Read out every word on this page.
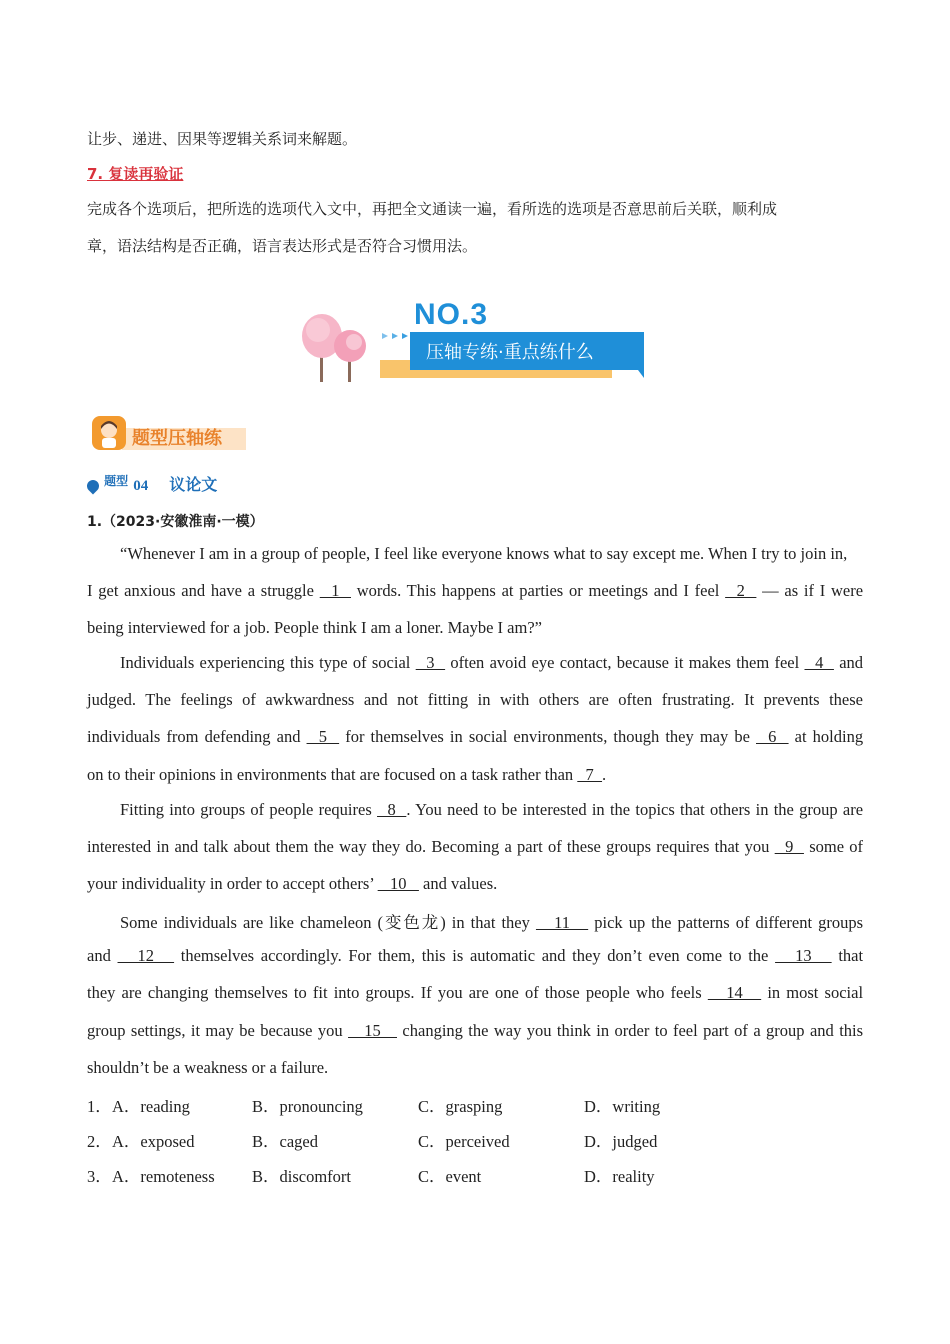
让步、递进、因果等逻辑关系词来解题。
7. 复读再验证
完成各个选项后，把所选的选项代入文中，再把全文通读一遍，看所选的选项是否意思前后关联，顺利成
章，语法结构是否正确，语言表达形式是否符合习惯用法。
NO.3
压轴专练·重点练什么
题型压轴练
$^{题型}$ 04 议论文
1.（2023·安徽淮南·一模）
“Whenever I am in a group of people, I feel like everyone knows what to say except me. When I try to join in,
I get anxious and have a struggle   1   words. This happens at parties or meetings and I feel   2   — as if I were
being interviewed for a job. People think I am a loner. Maybe I am?”
Individuals experiencing this type of social   3   often avoid eye contact, because it makes them feel   4   and
judged. The feelings of awkwardness and not fitting in with others are often frustrating. It prevents these
individuals from defending and   5   for themselves in social environments, though they may be   6   at holding
on to their opinions in environments that are focused on a task rather than   7  .
Fitting into groups of people requires   8  . You need to be interested in the topics that others in the group are
interested in and talk about them the way they do. Becoming a part of these groups requires that you   9   some of
your individuality in order to accept others’    10    and values.
Some individuals are like chameleon (变色龙) in that they    11    pick up the patterns of different groups
and    12    themselves accordingly. For them, this is automatic and they don’t even come to the    13    that
they are changing themselves to fit into groups. If you are one of those people who feels    14    in most social
group settings, it may be because you    15    changing the way you think in order to feel part of a group and this
shouldn’t be a weakness or a failure.
1． A．reading	B．pronouncing	C．grasping	D．writing
2． A．exposed	B．caged	C．perceived	D．judged
3． A．remoteness B．discomfort	C．event	D．reality
